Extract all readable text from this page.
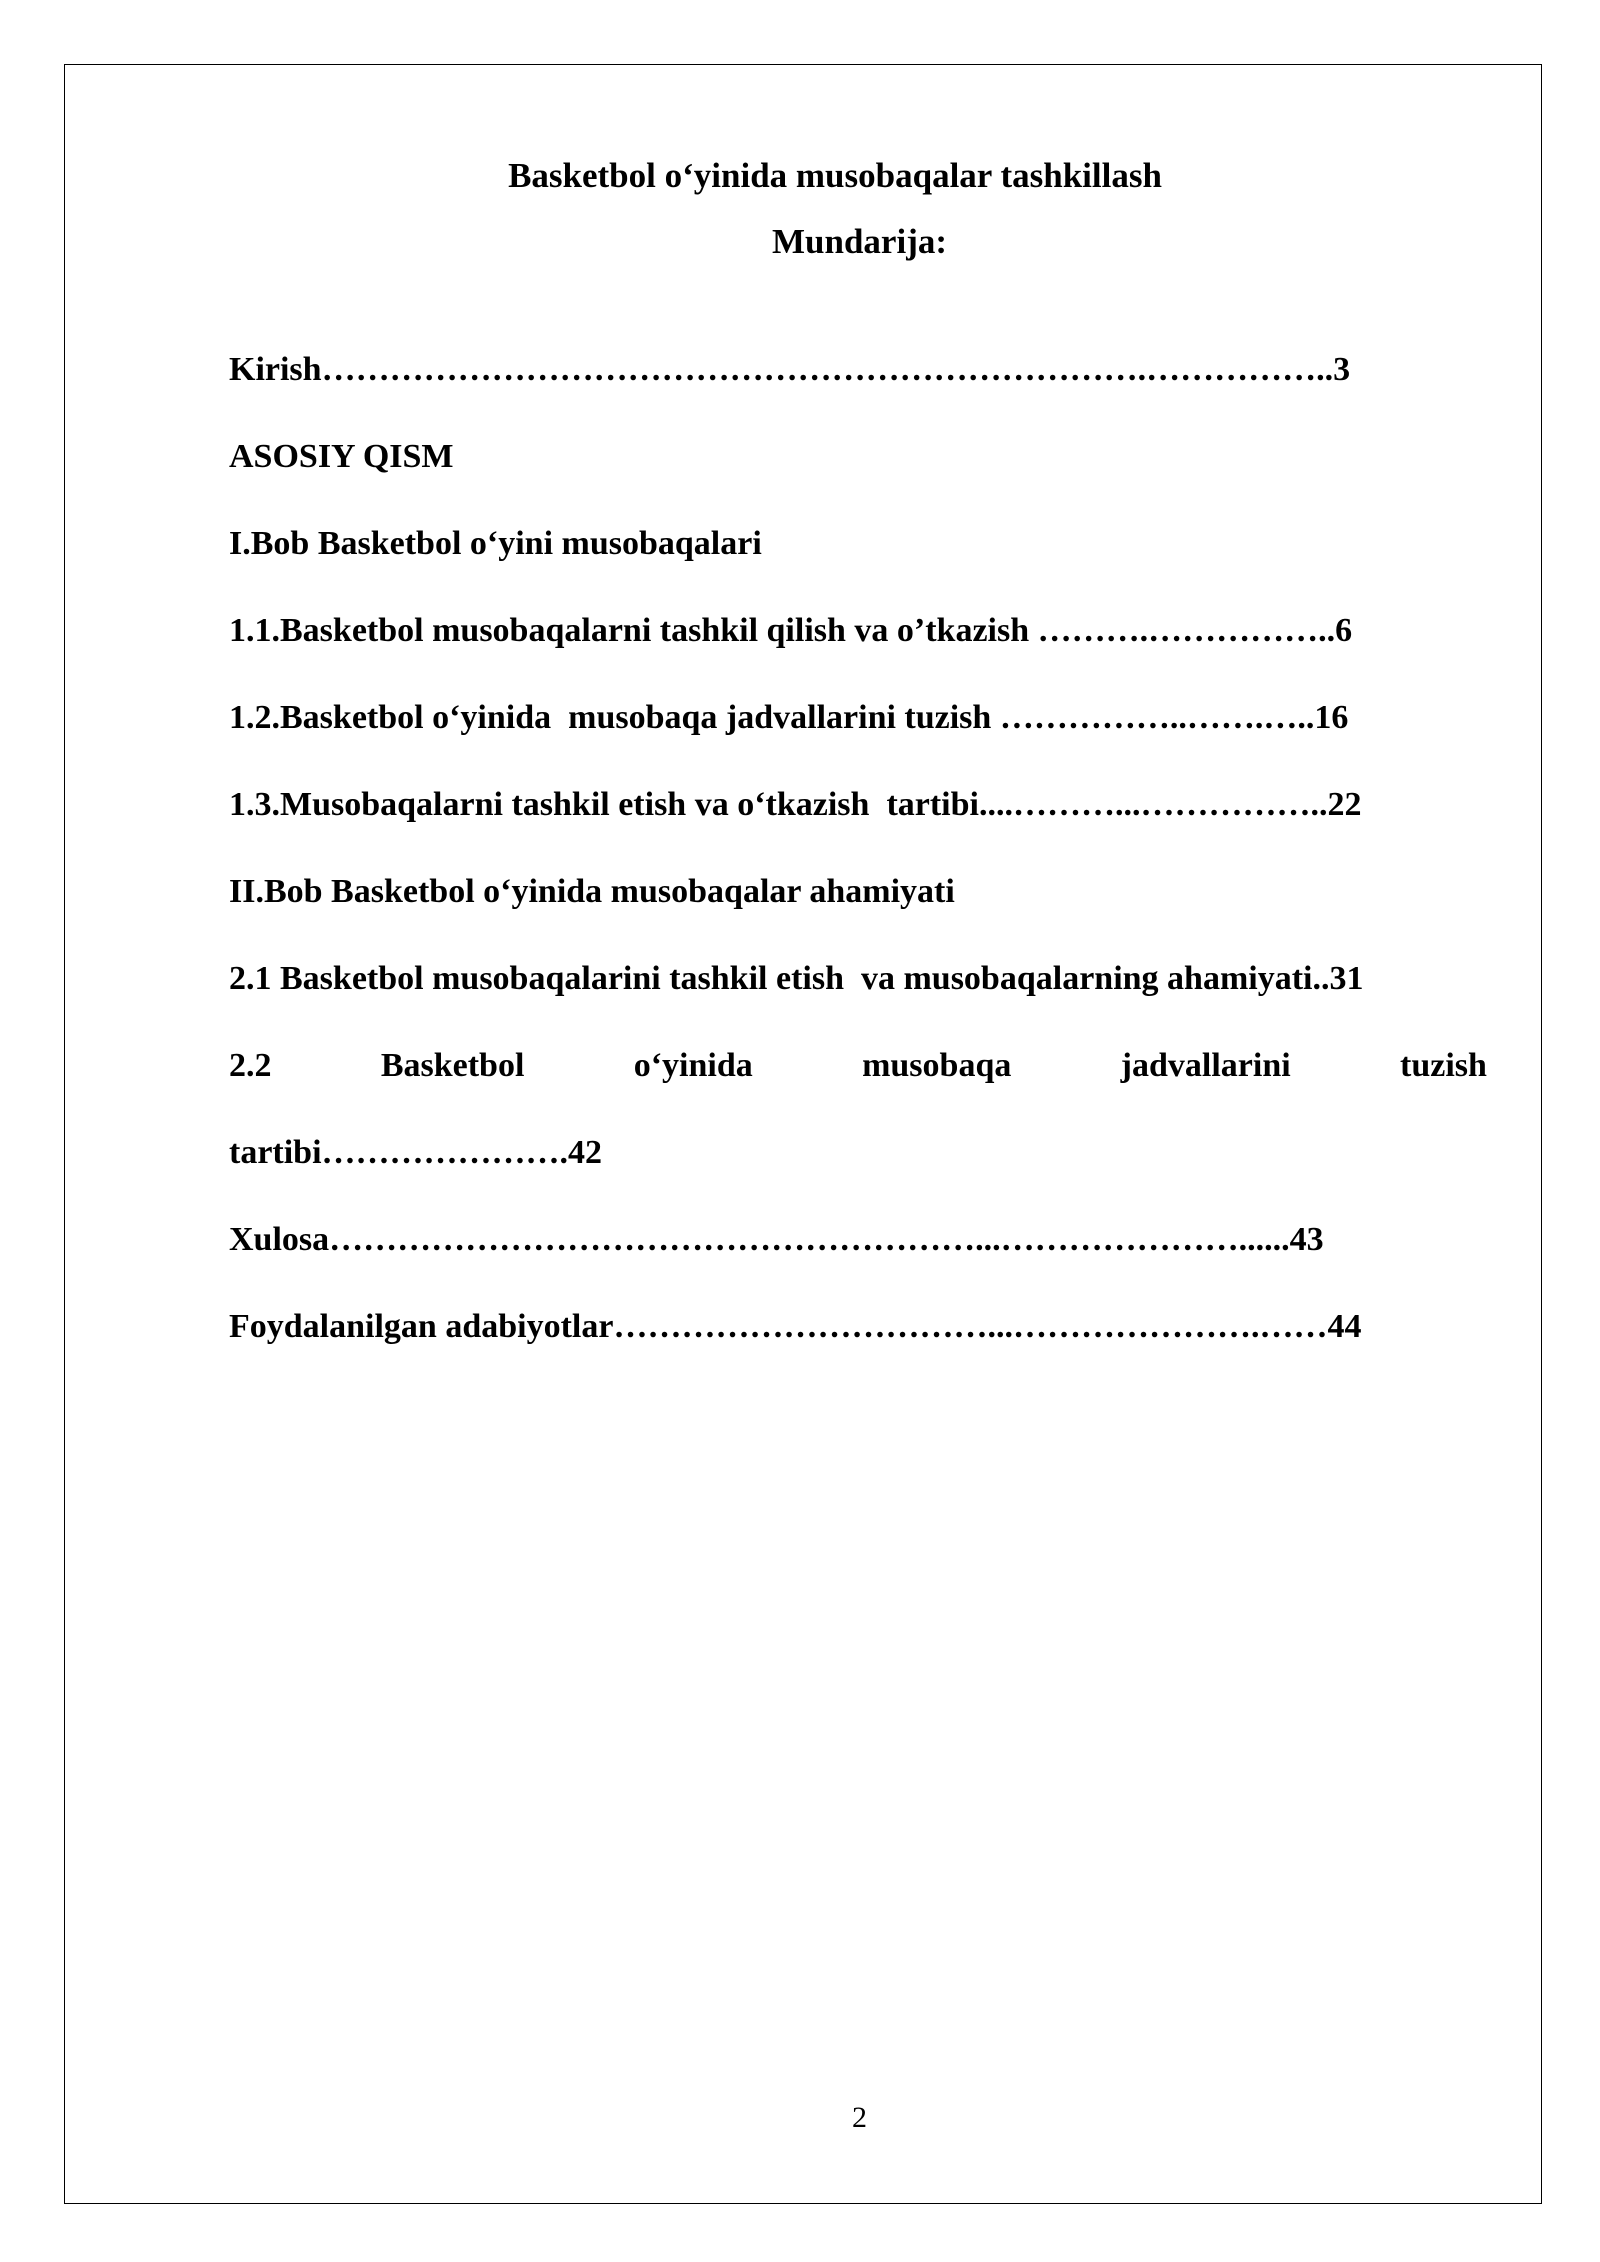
Basketbol o‘yinida musobaqalar tashkillash
Mundarija:
Kirish……………………………………………………………….……………..3
ASOSIY QISM
I.Bob Basketbol o‘yini musobaqalari
1.1.Basketbol musobaqalarni tashkil qilish va o’tkazish ……….……………..6
1.2.Basketbol o‘yinida  musobaqa jadvallarini tuzish ……………..…….…..16
1.3.Musobaqalarni tashkil etish va o‘tkazish  tartibi....………...……………..22
II.Bob Basketbol o‘yinida musobaqalar ahamiyati
2.1 Basketbol musobaqalarini tashkil etish  va musobaqalarning ahamiyati..31
2.2	Basketbol	o‘yinida	musobaqa	jadvallarini	tuzish
tartibi………………….42
Xulosa…………………………………………………...…………………......43
Foydalanilgan adabiyotlar……………………………...………………….……44
2
